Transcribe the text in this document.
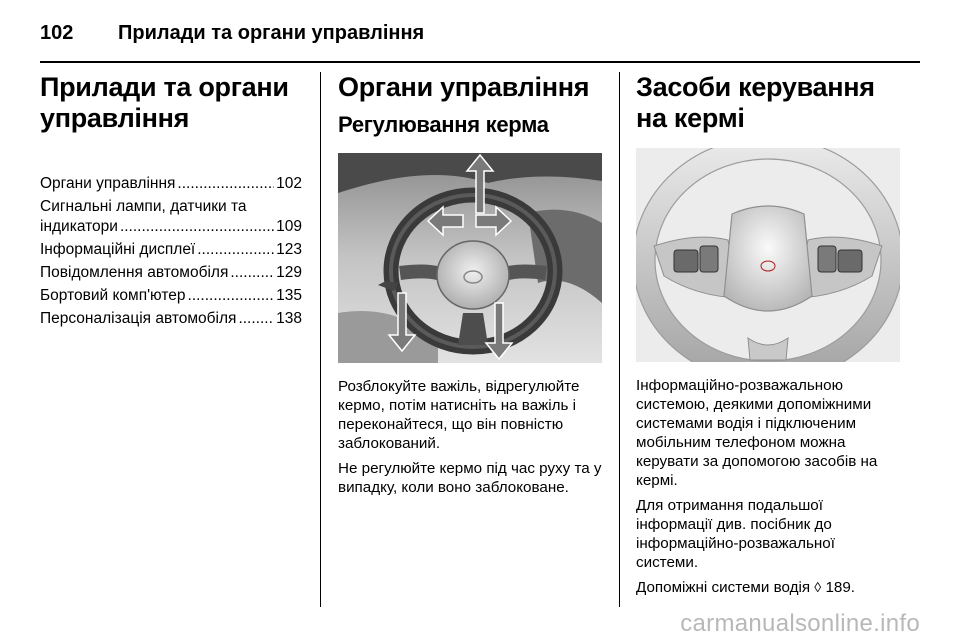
102	Прилади та органи управління
Прилади та органи управління
Органи управління .....	102
Сигнальні лампи, датчики та
індикатори .....	109
Інформаційні дисплеї .....	123
Повідомлення автомобіля .....	129
Бортовий комп'ютер .....	135
Персоналізація автомобіля .....	138
Органи управління
Регулювання керма

Розблокуйте важіль, відрегулюйте кермо, потім натисніть на важіль і переконайтеся, що він повністю заблокований.

Не регулюйте кермо під час руху та у випадку, коли воно заблоковане.

Засоби керування на кермі

Інформаційно-розважальною системою, деякими допоміжними системами водія і підключеним мобільним телефоном можна керувати за допомогою засобів на кермі.

Для отримання подальшої інформації див. посібник до інформаційно-розважальної системи.

Допоміжні системи водія ◊ 189.

carmanualsonline.info
